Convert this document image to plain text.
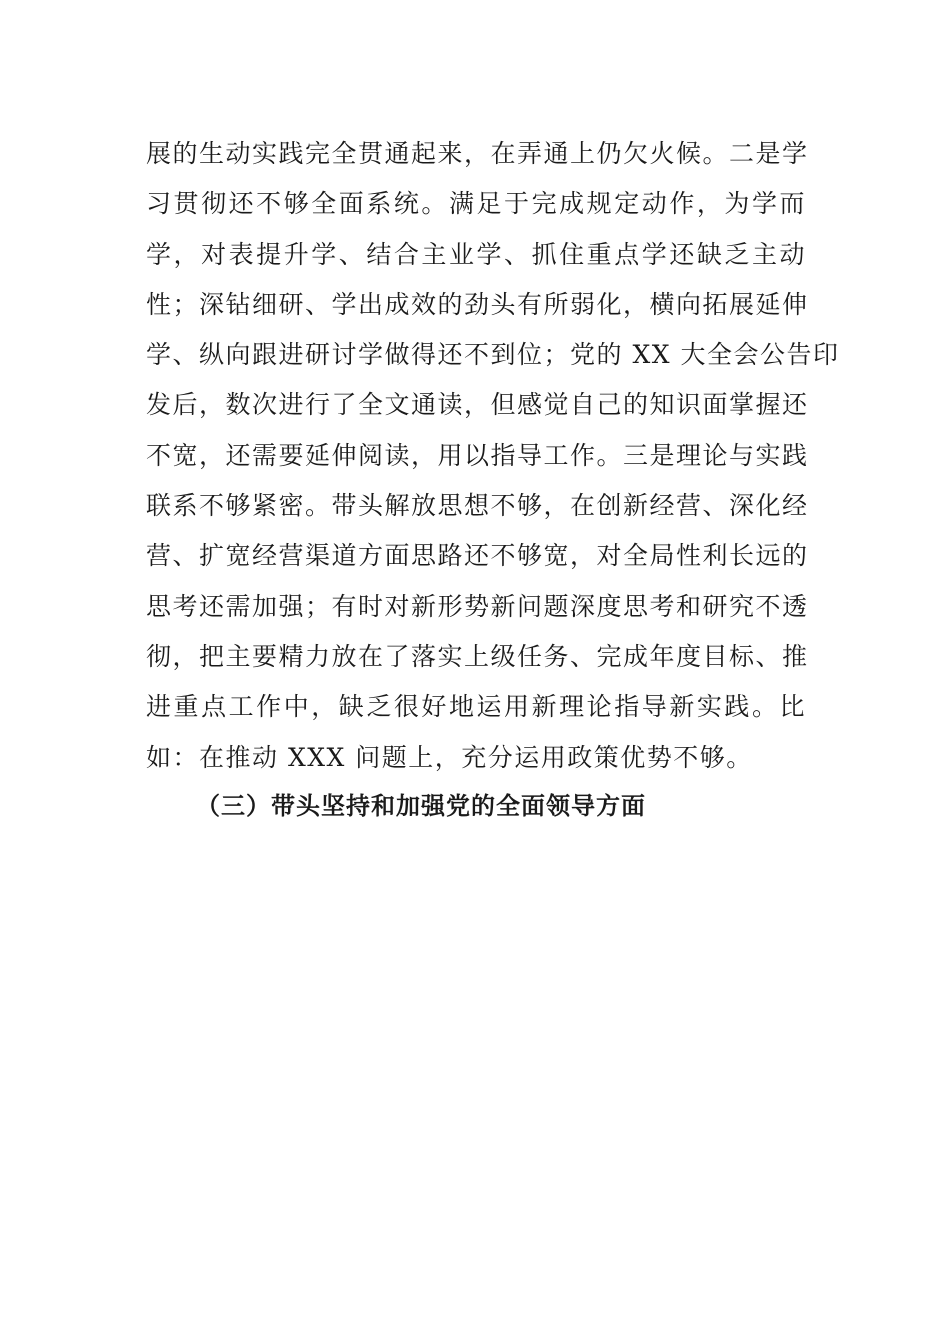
展的生动实践完全贯通起来，在弄通上仍欠火候。二是学
习贯彻还不够全面系统。满足于完成规定动作，为学而
学，对表提升学、结合主业学、抓住重点学还缺乏主动
性；深钻细研、学出成效的劲头有所弱化，横向拓展延伸
学、纵向跟进研讨学做得还不到位；党的 XX 大全会公告印
发后，数次进行了全文通读，但感觉自己的知识面掌握还
不宽，还需要延伸阅读，用以指导工作。三是理论与实践
联系不够紧密。带头解放思想不够，在创新经营、深化经
营、扩宽经营渠道方面思路还不够宽，对全局性利长远的
思考还需加强；有时对新形势新问题深度思考和研究不透
彻，把主要精力放在了落实上级任务、完成年度目标、推
进重点工作中，缺乏很好地运用新理论指导新实践。比
如：在推动 XXX 问题上，充分运用政策优势不够。

（三）带头坚持和加强党的全面领导方面
